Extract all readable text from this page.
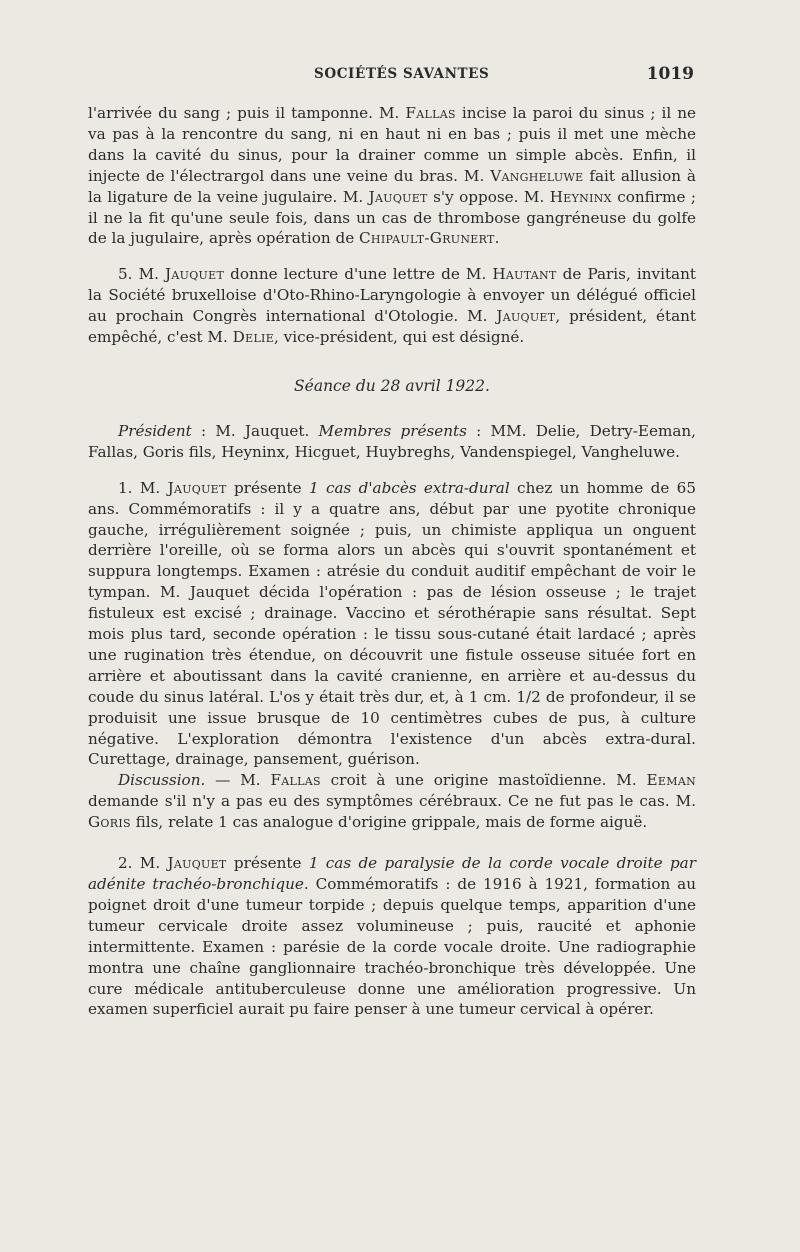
SOCIÉTÉS SAVANTES	1019

l'arrivée du sang ; puis il tamponne. M. Fallas incise la paroi du sinus ; il ne va pas à la rencontre du sang, ni en haut ni en bas ; puis il met une mèche dans la cavité du sinus, pour la drainer comme un simple abcès. Enfin, il injecte de l'électrargol dans une veine du bras. M. Vangheluwe fait allusion à la ligature de la veine jugulaire. M. Jauquet s'y oppose. M. Heyninx confirme ; il ne la fit qu'une seule fois, dans un cas de thrombose gangréneuse du golfe de la jugulaire, après opération de Chipault-Grunert.

5. M. Jauquet donne lecture d'une lettre de M. Hautant de Paris, invitant la Société bruxelloise d'Oto-Rhino-Laryngologie à envoyer un délégué officiel au prochain Congrès international d'Otologie. M. Jauquet, président, étant empêché, c'est M. Delie, vice-président, qui est désigné.

Séance du 28 avril 1922.

Président : M. Jauquet. Membres présents : MM. Delie, Detry-Eeman, Fallas, Goris fils, Heyninx, Hicguet, Huybreghs, Vandenspiegel, Vangheluwe.

1. M. Jauquet présente 1 cas d'abcès extra-dural chez un homme de 65 ans. Commémoratifs : il y a quatre ans, début par une pyotite chronique gauche, irrégulièrement soignée ; puis, un chimiste appliqua un onguent derrière l'oreille, où se forma alors un abcès qui s'ouvrit spontanément et suppura longtemps. Examen : atrésie du conduit auditif empêchant de voir le tympan. M. Jauquet décida l'opération : pas de lésion osseuse ; le trajet fistuleux est excisé ; drainage. Vaccino et sérothérapie sans résultat. Sept mois plus tard, seconde opération : le tissu sous-cutané était lardacé ; après une rugination très étendue, on découvrit une fistule osseuse située fort en arrière et aboutissant dans la cavité cranienne, en arrière et au-dessus du coude du sinus latéral. L'os y était très dur, et, à 1 cm. 1/2 de profondeur, il se produisit une issue brusque de 10 centimètres cubes de pus, à culture négative. L'exploration démontra l'existence d'un abcès extra-dural. Curettage, drainage, pansement, guérison.

Discussion. — M. Fallas croit à une origine mastoïdienne. M. Eeman demande s'il n'y a pas eu des symptômes cérébraux. Ce ne fut pas le cas. M. Goris fils, relate 1 cas analogue d'origine grippale, mais de forme aiguë.

2. M. Jauquet présente 1 cas de paralysie de la corde vocale droite par adénite trachéo-bronchique. Commémoratifs : de 1916 à 1921, formation au poignet droit d'une tumeur torpide ; depuis quelque temps, apparition d'une tumeur cervicale droite assez volumineuse ; puis, raucité et aphonie intermittente. Examen : parésie de la corde vocale droite. Une radiographie montra une chaîne ganglionnaire trachéo-bronchique très développée. Une cure médicale antituberculeuse donne une amélioration progressive. Un examen superficiel aurait pu faire penser à une tumeur cervical à opérer.
